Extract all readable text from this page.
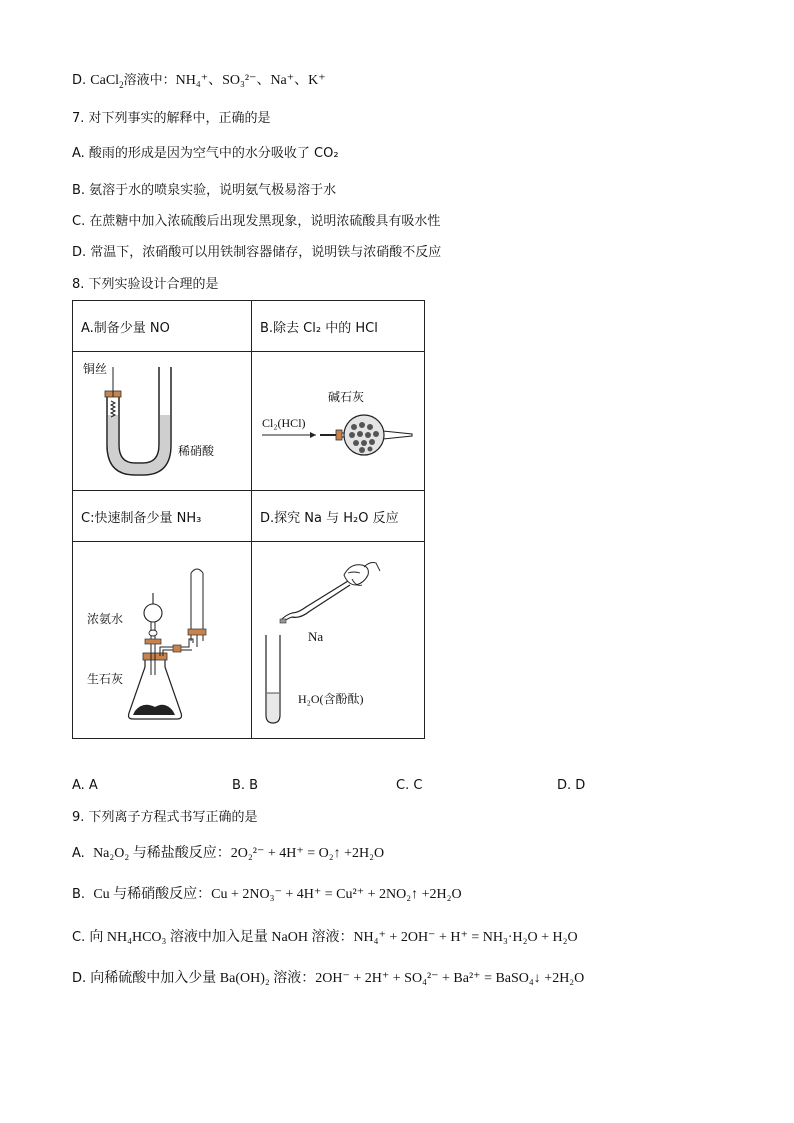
D. CaCl$_2$溶液中：NH₄⁺、SO₃²⁻、Na⁺、K⁺
7. 对下列事实的解释中，正确的是
A. 酸雨的形成是因为空气中的水分吸收了 CO₂
B. 氨溶于水的喷泉实验，说明氨气极易溶于水
C. 在蔗糖中加入浓硫酸后出现发黑现象，说明浓硫酸具有吸水性
D. 常温下，浓硝酸可以用铁制容器储存，说明铁与浓硝酸不反应
8. 下列实验设计合理的是
A.制备少量 NO	B.除去 Cl₂ 中的 HCl

铜丝
稀硝酸	Cl₂(HCl)
碱石灰

C:快速制备少量 NH₃	D.探究 Na 与 H₂O 反应

浓氨水
生石灰	Na
H₂O(含酚酞)
A. A	B. B	C. C	D. D
9. 下列离子方程式书写正确的是
A. Na₂O₂ 与稀盐酸反应：2O₂²⁻ + 4H⁺ = O₂↑ +2H₂O
B. Cu 与稀硝酸反应：Cu + 2NO₃⁻ + 4H⁺ = Cu²⁺ + 2NO₂↑ +2H₂O
C. 向 NH₄HCO₃ 溶液中加入足量 NaOH 溶液：NH₄⁺ + 2OH⁻ + H⁺ = NH₃·H₂O + H₂O
D. 向稀硫酸中加入少量 Ba(OH)₂ 溶液：2OH⁻ + 2H⁺ + SO₄²⁻ + Ba²⁺ = BaSO₄↓ +2H₂O
